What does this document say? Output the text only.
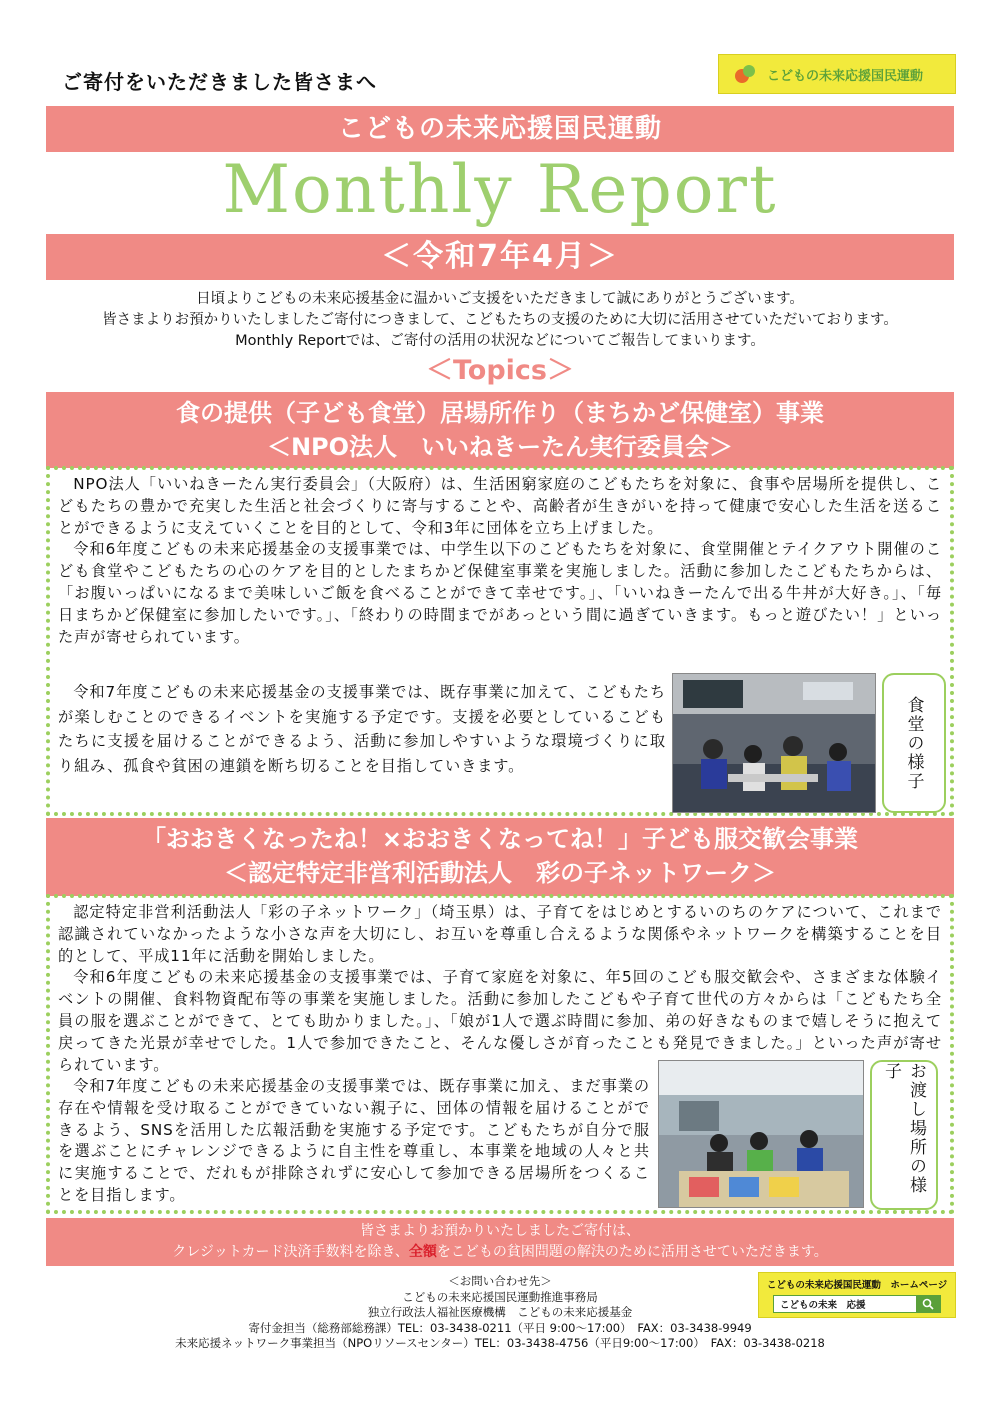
ご寄付をいただきました皆さまへ	こどもの未来応援国民運動
こどもの未来応援国民運動
Monthly Report
＜令和7年4月＞
日頃よりこどもの未来応援基金に温かいご支援をいただきまして誠にありがとうございます。
皆さまよりお預かりいたしましたご寄付につきまして、こどもたちの支援のために大切に活用させていただいております。
Monthly Reportでは、ご寄付の活用の状況などについてご報告してまいります。
＜Topics＞
食の提供（子ども食堂）居場所作り（まちかど保健室）事業
＜NPO法人　いいねきーたん実行委員会＞

NPO法人「いいねきーたん実行委員会」（大阪府）は、生活困窮家庭のこどもたちを対象に、食事や居場所を提供し、こどもたちの豊かで充実した生活と社会づくりに寄与することや、高齢者が生きがいを持って健康で安心した生活を送ることができるように支えていくことを目的として、令和3年に団体を立ち上げました。

令和6年度こどもの未来応援基金の支援事業では、中学生以下のこどもたちを対象に、食堂開催とテイクアウト開催のこども食堂やこどもたちの心のケアを目的としたまちかど保健室事業を実施しました。活動に参加したこどもたちからは、「お腹いっぱいになるまで美味しいご飯を食べることができて幸せです。」、「いいねきーたんで出る牛丼が大好き。」、「毎日まちかど保健室に参加したいです。」、「終わりの時間までがあっという間に過ぎていきます。もっと遊びたい！」といった声が寄せられています。

令和7年度こどもの未来応援基金の支援事業では、既存事業に加えて、こどもたちが楽しむことのできるイベントを実施する予定です。支援を必要としているこどもたちに支援を届けることができるよう、活動に参加しやすいような環境づくりに取り組み、孤食や貧困の連鎖を断ち切ることを目指していきます。	食堂の様子
「おおきくなったね！×おおきくなってね！」子ども服交歓会事業
＜認定特定非営利活動法人　彩の子ネットワーク＞

認定特定非営利活動法人「彩の子ネットワーク」（埼玉県）は、子育てをはじめとするいのちのケアについて、これまで認識されていなかったような小さな声を大切にし、お互いを尊重し合えるような関係やネットワークを構築することを目的として、平成11年に活動を開始しました。

令和6年度こどもの未来応援基金の支援事業では、子育て家庭を対象に、年5回のこども服交歓会や、さまざまな体験イベントの開催、食料物資配布等の事業を実施しました。活動に参加したこどもや子育て世代の方々からは「こどもたち全員の服を選ぶことができて、とても助かりました。」、「娘が1人で選ぶ時間に参加、弟の好きなものまで嬉しそうに抱えて戻ってきた光景が幸せでした。1人で参加できたこと、そんな優しさが育ったことも発見できました。」といった声が寄せられています。

令和7年度こどもの未来応援基金の支援事業では、既存事業に加え、まだ事業の存在や情報を受け取ることができていない親子に、団体の情報を届けることができるよう、SNSを活用した広報活動を実施する予定です。こどもたちが自分で服を選ぶことにチャレンジできるように自主性を尊重し、本事業を地域の人々と共に実施することで、だれもが排除されずに安心して参加できる居場所をつくることを目指します。	お渡し場所の様子
皆さまよりお預かりいたしましたご寄付は、
クレジットカード決済手数料を除き、全額をこどもの貧困問題の解決のために活用させていただきます。
＜お問い合わせ先＞
こどもの未来応援国民運動推進事務局
独立行政法人福祉医療機構　こどもの未来応援基金
寄付金担当（総務部総務課）TEL：03-3438-0211（平日 9:00～17:00）　FAX：03-3438-9949
未来応援ネットワーク事業担当（NPOリソースセンター）TEL：03-3438-4756（平日9:00～17:00）　FAX：03-3438-0218
こどもの未来応援国民運動　ホームページ
こどもの未来　応援
